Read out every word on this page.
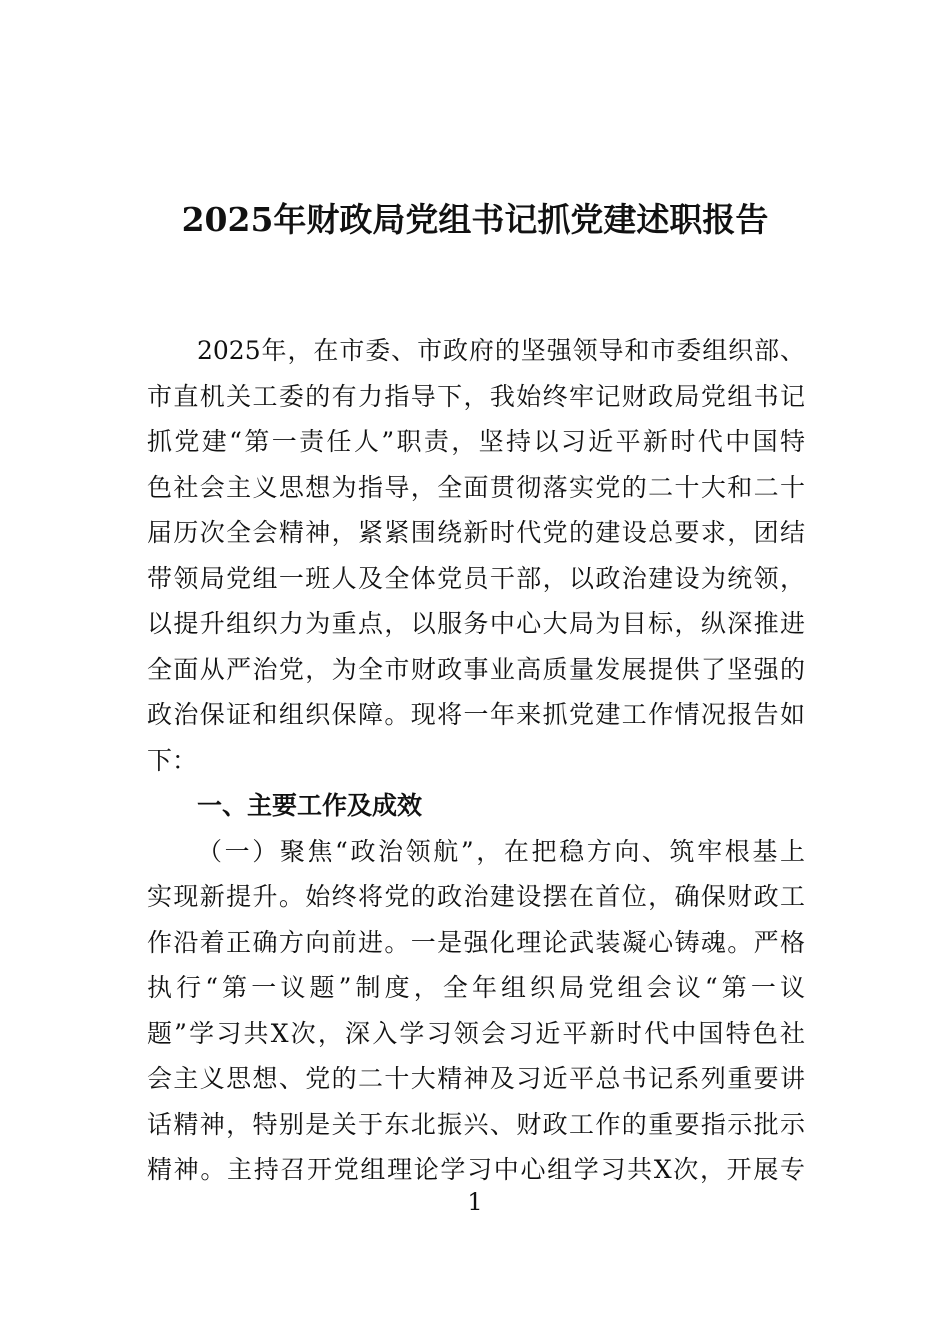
2025年财政局党组书记抓党建述职报告
2025年，在市委、市政府的坚强领导和市委组织部、
市直机关工委的有力指导下，我始终牢记财政局党组书记
抓党建“第一责任人”职责，坚持以习近平新时代中国特
色社会主义思想为指导，全面贯彻落实党的二十大和二十
届历次全会精神，紧紧围绕新时代党的建设总要求，团结
带领局党组一班人及全体党员干部，以政治建设为统领，
以提升组织力为重点，以服务中心大局为目标，纵深推进
全面从严治党，为全市财政事业高质量发展提供了坚强的
政治保证和组织保障。现将一年来抓党建工作情况报告如
下：
一、主要工作及成效
（一）聚焦“政治领航”，在把稳方向、筑牢根基上
实现新提升。始终将党的政治建设摆在首位，确保财政工
作沿着正确方向前进。一是强化理论武装凝心铸魂。严格
执行“第一议题”制度，全年组织局党组会议“第一议
题”学习共X次，深入学习领会习近平新时代中国特色社
会主义思想、党的二十大精神及习近平总书记系列重要讲
话精神，特别是关于东北振兴、财政工作的重要指示批示
精神。主持召开党组理论学习中心组学习共X次，开展专
1
